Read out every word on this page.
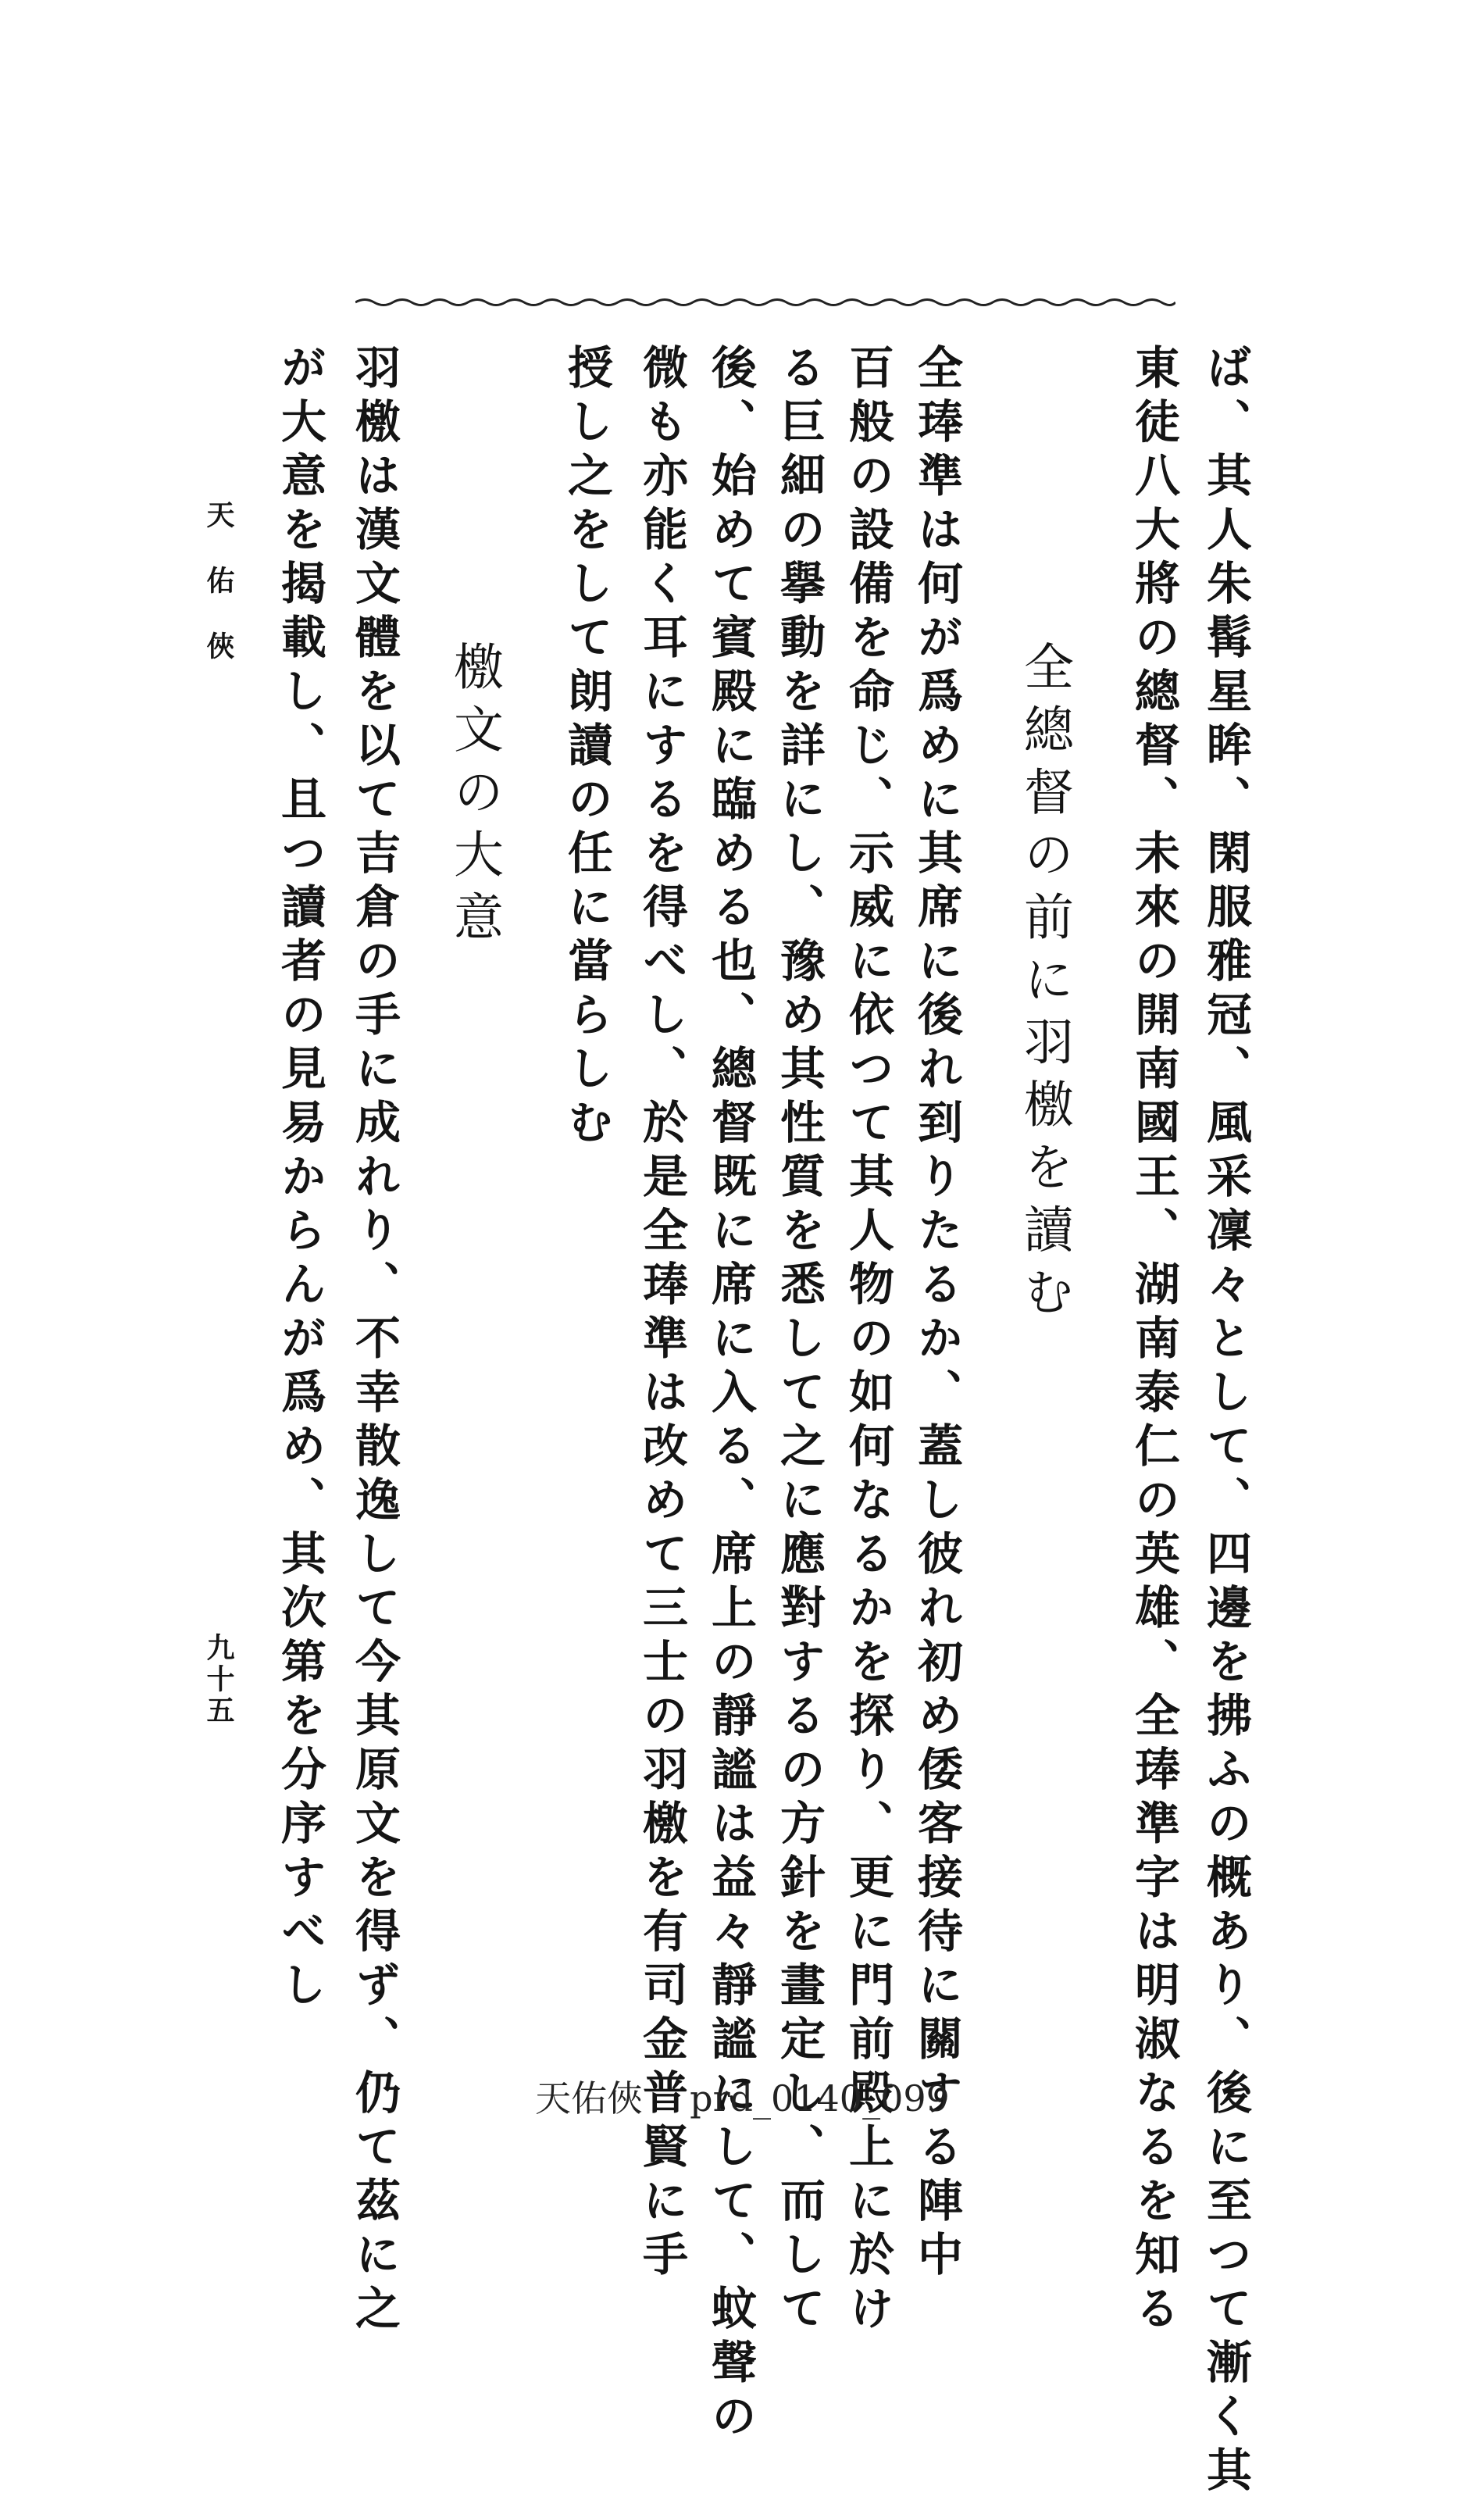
ば、其人朱髯星眸、閑服雅冠、風采凜々として、四邊を拂ふの概あり、後に至つて漸く其
東徒八大將の總督、未來の開南國王、湖南泰仁の英雄、全琫準字は明淑なるを知る
全總督の前に羽檄を讀む
全琫準は何が爲めに其席に後れ到りたるか、蓋し彼れ初め倭客接待に關する陣中
百般の設備を命じ、示威に依つて其人物の如何なるかを探り、更に門前殿上に於け
る巨細の擧動を詳にし、豫め其性質を悉して之に應對するの方針を畫定し、而して
後、始めて賓殿に臨める也、總督既に席に入る、席上の靜謐は益々靜謐にして、蚊聲の
微も亦能く耳にするを得べし、於是全琫準は改めて三士の羽檄を有司金普賢に手
授し之をして朗讀の任に當らしむ
檄文の大意
羽檄は漢文體を以て吉倉の手に成れり、不幸散逸して今其原文を得ず、仍て茲に之
が大意を揭載し、且つ讀者の見易からんが爲め、其次第を分序すべし
天佑俠
九十五
天佑俠 prd_0140_099
